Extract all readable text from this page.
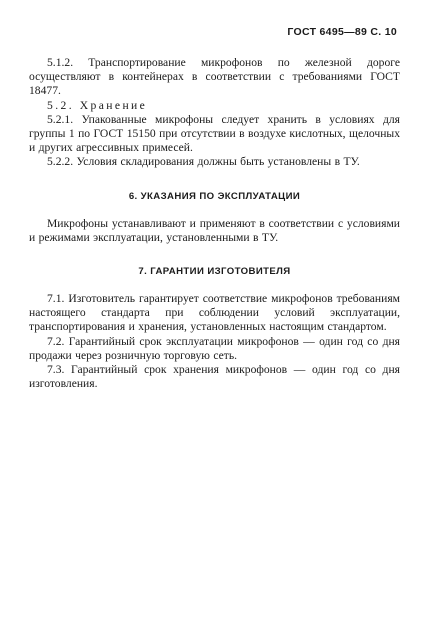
ГОСТ 6495—89 С. 10

5.1.2. Транспортирование микрофонов по железной дороге осуществляют в контейнерах в соответствии с требованиями ГОСТ 18477.

5.2. Хранение

5.2.1. Упакованные микрофоны следует хранить в условиях для группы 1 по ГОСТ 15150 при отсутствии в воздухе кислотных, щелочных и других агрессивных примесей.

5.2.2. Условия складирования должны быть установлены в ТУ.

6. УКАЗАНИЯ ПО ЭКСПЛУАТАЦИИ

Микрофоны устанавливают и применяют в соответствии с условиями и режимами эксплуатации, установленными в ТУ.

7. ГАРАНТИИ ИЗГОТОВИТЕЛЯ

7.1. Изготовитель гарантирует соответствие микрофонов требованиям настоящего стандарта при соблюдении условий эксплуатации, транспортирования и хранения, установленных настоящим стандартом.

7.2. Гарантийный срок эксплуатации микрофонов — один год со дня продажи через розничную торговую сеть.

7.3. Гарантийный срок хранения микрофонов — один год со дня изготовления.
